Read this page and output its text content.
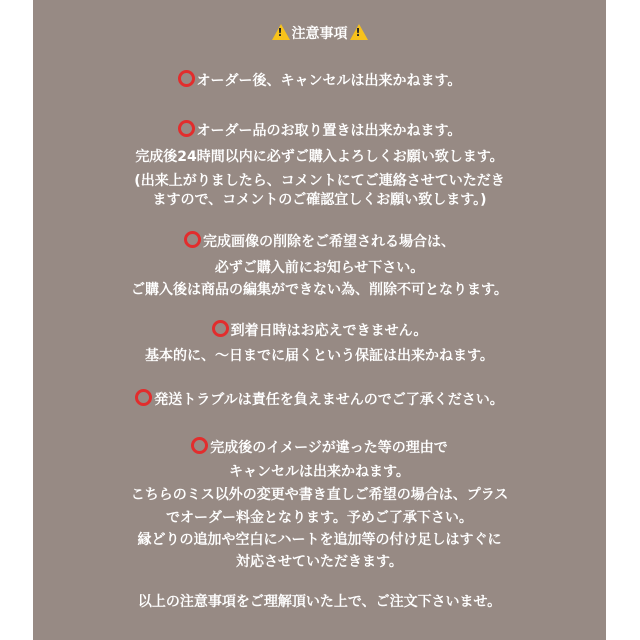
!注意事項!
オーダー後、キャンセルは出来かねます。
オーダー品のお取り置きは出来かねます。
完成後24時間以内に必ずご購入よろしくお願い致します。
(出来上がりましたら、コメントにてご連絡させていただき
ますので、コメントのご確認宜しくお願い致します。)
完成画像の削除をご希望される場合は、
必ずご購入前にお知らせ下さい。
ご購入後は商品の編集ができない為、削除不可となります。
到着日時はお応えできません。
基本的に、〜日までに届くという保証は出来かねます。
発送トラブルは責任を負えませんのでご了承ください。
完成後のイメージが違った等の理由で
キャンセルは出来かねます。
こちらのミス以外の変更や書き直しご希望の場合は、プラス
でオーダー料金となります。予めご了承下さい。
縁どりの追加や空白にハートを追加等の付け足しはすぐに
対応させていただきます。
以上の注意事項をご理解頂いた上で、ご注文下さいませ。
